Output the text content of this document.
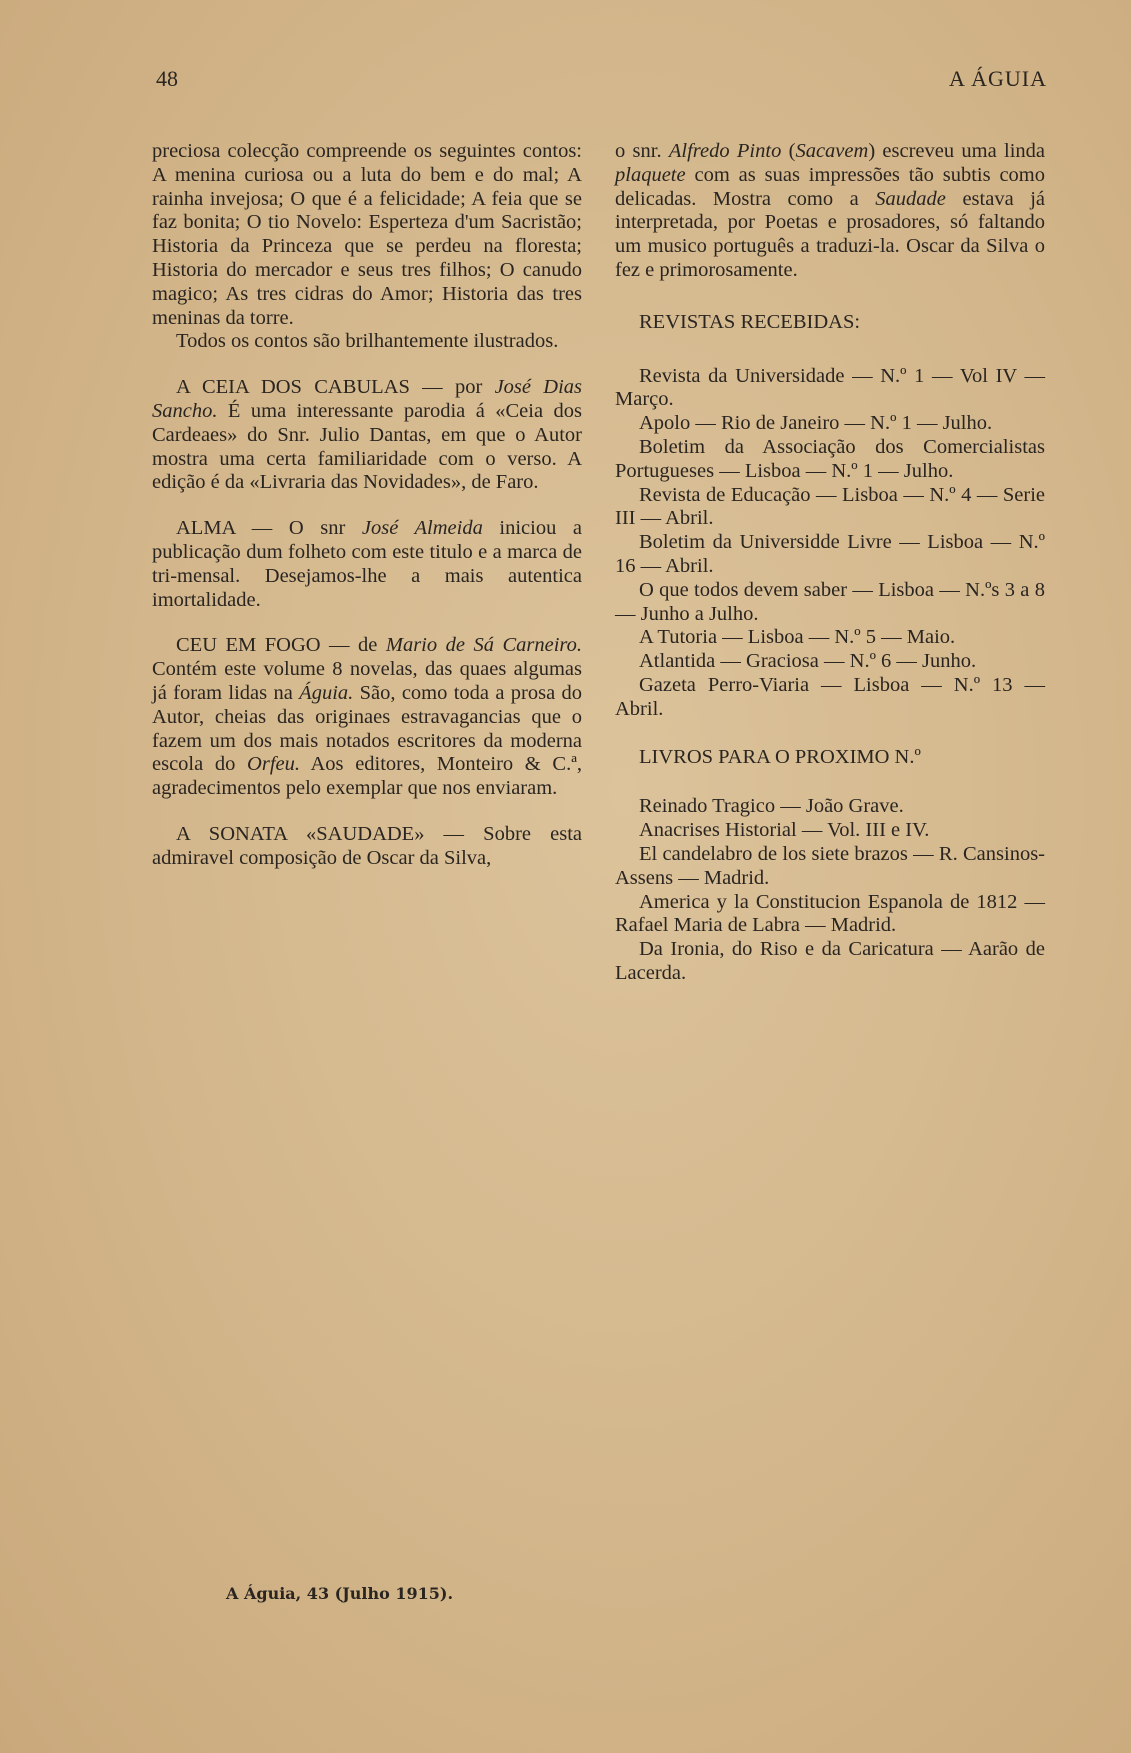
48	A ÁGUIA

preciosa colecção compreende os seguintes contos: A menina curiosa ou a luta do bem e do mal; A rainha invejosa; O que é a felicidade; A feia que se faz bonita; O tio Novelo: Esperteza d'um Sacristão; Historia da Princeza que se perdeu na floresta; Historia do mercador e seus tres filhos; O canudo magico; As tres cidras do Amor; Historia das tres meninas da torre.

Todos os contos são brilhantemente ilustrados.

A CEIA DOS CABULAS — por José Dias Sancho. É uma interessante parodia á «Ceia dos Cardeaes» do Snr. Julio Dantas, em que o Autor mostra uma certa familiaridade com o verso. A edição é da «Livraria das Novidades», de Faro.

ALMA — O snr José Almeida iniciou a publicação dum folheto com este titulo e a marca de tri-mensal. Desejamos-lhe a mais autentica imortalidade.

CEU EM FOGO — de Mario de Sá Carneiro. Contém este volume 8 novelas, das quaes algumas já foram lidas na Águia. São, como toda a prosa do Autor, cheias das originaes estravagancias que o fazem um dos mais notados escritores da moderna escola do Orfeu. Aos editores, Monteiro & C.ª, agradecimentos pelo exemplar que nos enviaram.

A SONATA «SAUDADE» — Sobre esta admiravel composição de Oscar da Silva,

o snr. Alfredo Pinto (Sacavem) escreveu uma linda plaquete com as suas impressões tão subtis como delicadas. Mostra como a Saudade estava já interpretada, por Poetas e prosadores, só faltando um musico português a traduzi-la. Oscar da Silva o fez e primorosamente.

REVISTAS RECEBIDAS:

Revista da Universidade — N.º 1 — Vol IV — Março.

Apolo — Rio de Janeiro — N.º 1 — Julho.

Boletim da Associação dos Comercialistas Portugueses — Lisboa — N.º 1 — Julho.

Revista de Educação — Lisboa — N.º 4 — Serie III — Abril.

Boletim da Universidde Livre — Lisboa — N.º 16 — Abril.

O que todos devem saber — Lisboa — N.ºs 3 a 8 — Junho a Julho.

A Tutoria — Lisboa — N.º 5 — Maio.

Atlantida — Graciosa — N.º 6 — Junho.

Gazeta Perro-Viaria — Lisboa — N.º 13 — Abril.

LIVROS PARA O PROXIMO N.º

Reinado Tragico — João Grave.

Anacrises Historial — Vol. III e IV.

El candelabro de los siete brazos — R. Cansinos-Assens — Madrid.

America y la Constitucion Espanola de 1812 — Rafael Maria de Labra — Madrid.

Da Ironia, do Riso e da Caricatura — Aarão de Lacerda.

A Águia, 43 (Julho 1915).
